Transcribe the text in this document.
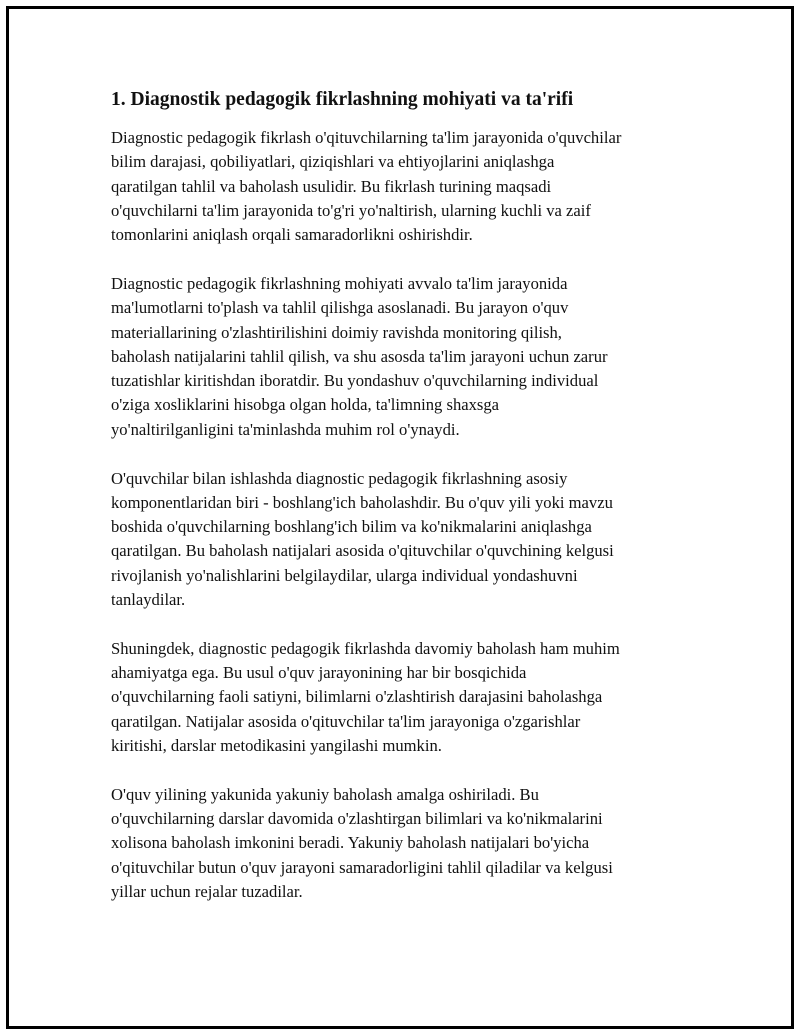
1. Diagnostik pedagogik fikrlashning mohiyati va ta'rifi

Diagnostic pedagogik fikrlash o'qituvchilarning ta'lim jarayonida o'quvchilar
bilim darajasi, qobiliyatlari, qiziqishlari va ehtiyojlarini aniqlashga
qaratilgan tahlil va baholash usulidir. Bu fikrlash turining maqsadi
o'quvchilarni ta'lim jarayonida to'g'ri yo'naltirish, ularning kuchli va zaif
tomonlarini aniqlash orqali samaradorlikni oshirishdir.

Diagnostic pedagogik fikrlashning mohiyati avvalo ta'lim jarayonida
ma'lumotlarni to'plash va tahlil qilishga asoslanadi. Bu jarayon o'quv
materiallarining o'zlashtirilishini doimiy ravishda monitoring qilish,
baholash natijalarini tahlil qilish, va shu asosda ta'lim jarayoni uchun zarur
tuzatishlar kiritishdan iboratdir. Bu yondashuv o'quvchilarning individual
o'ziga xosliklarini hisobga olgan holda, ta'limning shaxsga
yo'naltirilganligini ta'minlashda muhim rol o'ynaydi.

O'quvchilar bilan ishlashda diagnostic pedagogik fikrlashning asosiy
komponentlaridan biri - boshlang'ich baholashdir. Bu o'quv yili yoki mavzu
boshida o'quvchilarning boshlang'ich bilim va ko'nikmalarini aniqlashga
qaratilgan. Bu baholash natijalari asosida o'qituvchilar o'quvchining kelgusi
rivojlanish yo'nalishlarini belgilaydilar, ularga individual yondashuvni
tanlaydilar.

Shuningdek, diagnostic pedagogik fikrlashda davomiy baholash ham muhim
ahamiyatga ega. Bu usul o'quv jarayonining har bir bosqichida
o'quvchilarning faoli satiyni, bilimlarni o'zlashtirish darajasini baholashga
qaratilgan. Natijalar asosida o'qituvchilar ta'lim jarayoniga o'zgarishlar
kiritishi, darslar metodikasini yangilashi mumkin.

O'quv yilining yakunida yakuniy baholash amalga oshiriladi. Bu
o'quvchilarning darslar davomida o'zlashtirgan bilimlari va ko'nikmalarini
xolisona baholash imkonini beradi. Yakuniy baholash natijalari bo'yicha
o'qituvchilar butun o'quv jarayoni samaradorligini tahlil qiladilar va kelgusi
yillar uchun rejalar tuzadilar.
